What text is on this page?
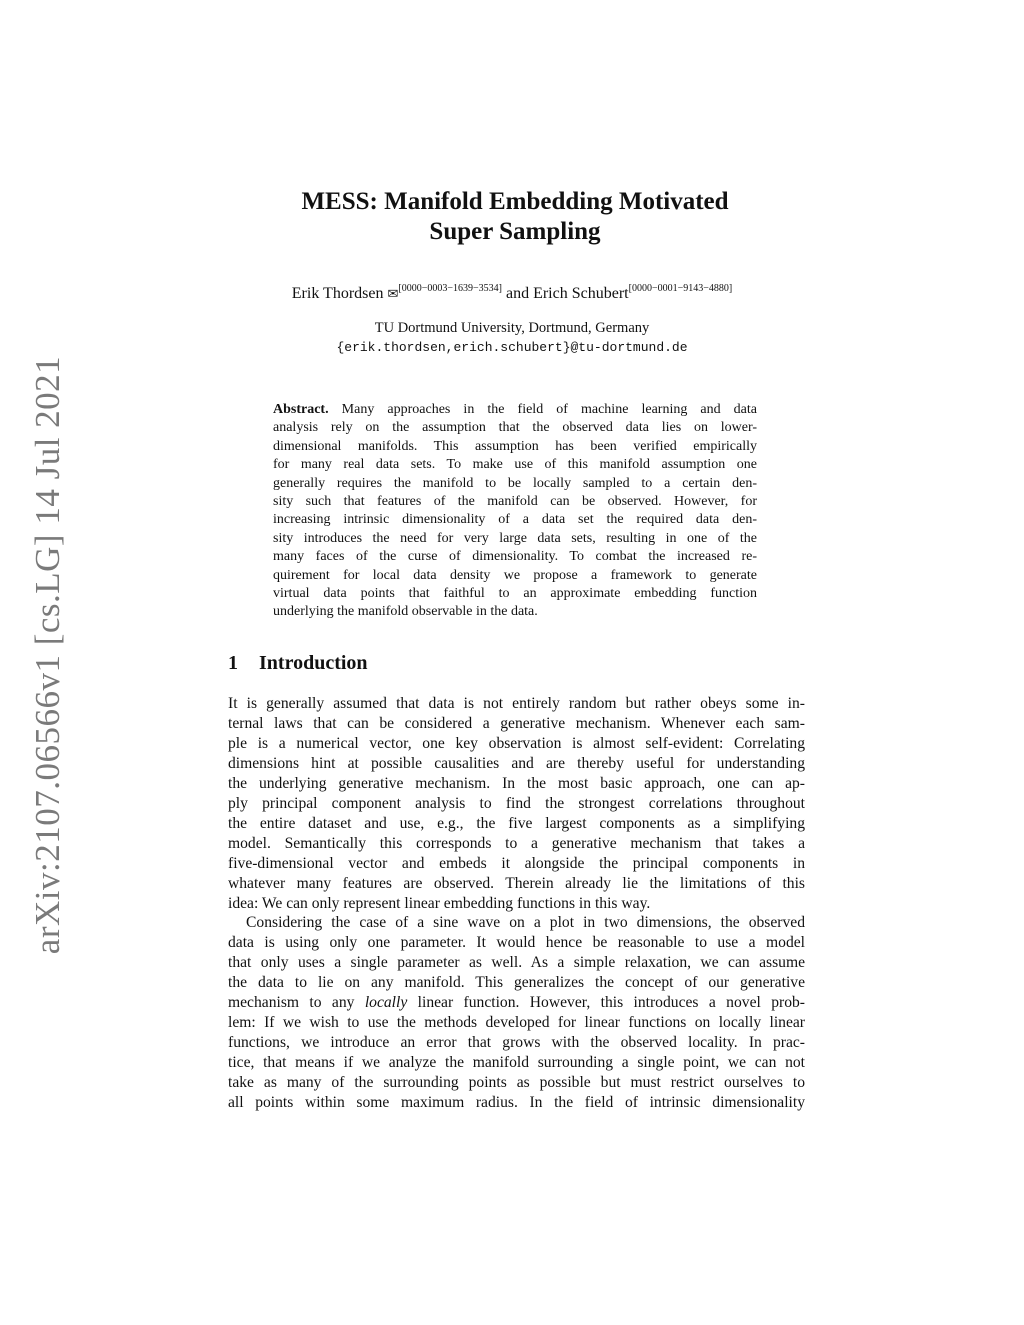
arXiv:2107.06566v1 [cs.LG] 14 Jul 2021
MESS: Manifold Embedding Motivated
Super Sampling
Erik Thordsen ✉[0000−0003−1639−3534] and Erich Schubert[0000−0001−9143−4880]
TU Dortmund University, Dortmund, Germany
{erik.thordsen,erich.schubert}@tu-dortmund.de
Abstract. Many approaches in the field of machine learning and data
analysis rely on the assumption that the observed data lies on lower-
dimensional manifolds. This assumption has been verified empirically
for many real data sets. To make use of this manifold assumption one
generally requires the manifold to be locally sampled to a certain den-
sity such that features of the manifold can be observed. However, for
increasing intrinsic dimensionality of a data set the required data den-
sity introduces the need for very large data sets, resulting in one of the
many faces of the curse of dimensionality. To combat the increased re-
quirement for local data density we propose a framework to generate
virtual data points that faithful to an approximate embedding function
underlying the manifold observable in the data.
1 Introduction
It is generally assumed that data is not entirely random but rather obeys some in-
ternal laws that can be considered a generative mechanism. Whenever each sam-
ple is a numerical vector, one key observation is almost self-evident: Correlating
dimensions hint at possible causalities and are thereby useful for understanding
the underlying generative mechanism. In the most basic approach, one can ap-
ply principal component analysis to find the strongest correlations throughout
the entire dataset and use, e.g., the five largest components as a simplifying
model. Semantically this corresponds to a generative mechanism that takes a
five-dimensional vector and embeds it alongside the principal components in
whatever many features are observed. Therein already lie the limitations of this
idea: We can only represent linear embedding functions in this way.
Considering the case of a sine wave on a plot in two dimensions, the observed
data is using only one parameter. It would hence be reasonable to use a model
that only uses a single parameter as well. As a simple relaxation, we can assume
the data to lie on any manifold. This generalizes the concept of our generative
mechanism to any locally linear function. However, this introduces a novel prob-
lem: If we wish to use the methods developed for linear functions on locally linear
functions, we introduce an error that grows with the observed locality. In prac-
tice, that means if we analyze the manifold surrounding a single point, we can not
take as many of the surrounding points as possible but must restrict ourselves to
all points within some maximum radius. In the field of intrinsic dimensionality
